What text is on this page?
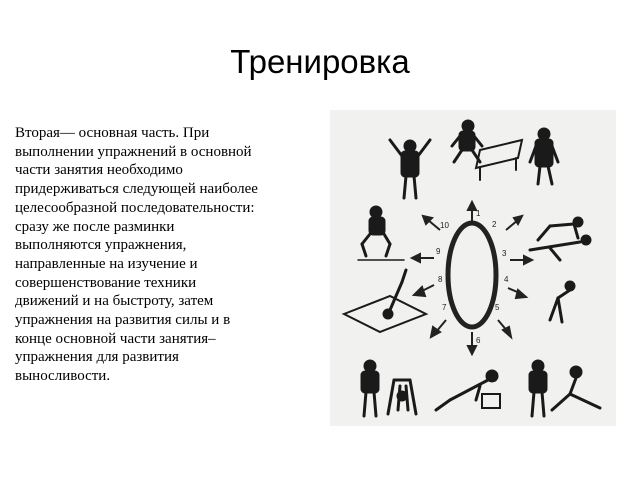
Тренировка
Вторая— основная часть. При
выполнении упражнений в основной
части занятия необходимо
придерживаться следующей наиболее
целесообразной последовательности:
сразу же после разминки
выполняются упражнения,
направленные на изучение и
совершенствование техники
движений и на быстроту, затем
упражнения на развития силы и в
конце основной части занятия–
упражнения для развития
выносливости.
1
2
3
4
5
6
7
8
9
10
